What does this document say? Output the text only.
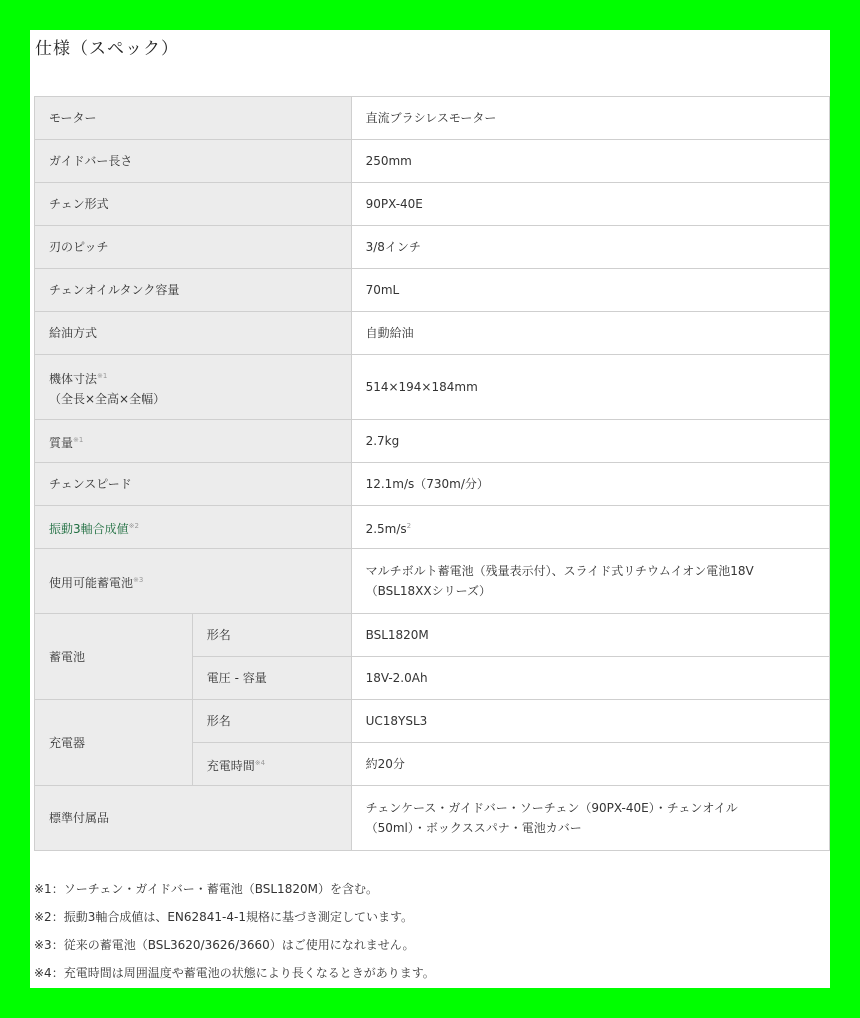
仕様（スペック）
モーター		直流ブラシレスモーター
ガイドバー長さ		250mm
チェン形式		90PX-40E
刃のピッチ		3/8インチ
チェンオイルタンク容量		70mL
給油方式		自動給油
機体寸法$^{※1}$
（全長×全高×全幅）		514×194×184mm
質量$^{※1}$		2.7kg
チェンスピード		12.1m/s（730m/分）
振動3軸合成値$^{※2}$		$2.5m/s^2$
使用可能蓄電池$^{※3}$		マルチボルト蓄電池（残量表示付）、スライド式リチウムイオン電池18V
（BSL18XXシリーズ）
蓄電池	形名	BSL1820M
	電圧 - 容量	18V-2.0Ah
充電器	形名	UC18YSL3
	充電時間$^{※4}$	約20分
標準付属品		チェンケース・ガイドバー・ソーチェン（90PX-40E）・チェンオイル
（50ml）・ボックススパナ・電池カバー
※1：ソーチェン・ガイドバー・蓄電池（BSL1820M）を含む。
※2：振動3軸合成値は、EN62841-4-1規格に基づき測定しています。
※3：従来の蓄電池（BSL3620/3626/3660）はご使用になれません。
※4：充電時間は周囲温度や蓄電池の状態により長くなるときがあります。
